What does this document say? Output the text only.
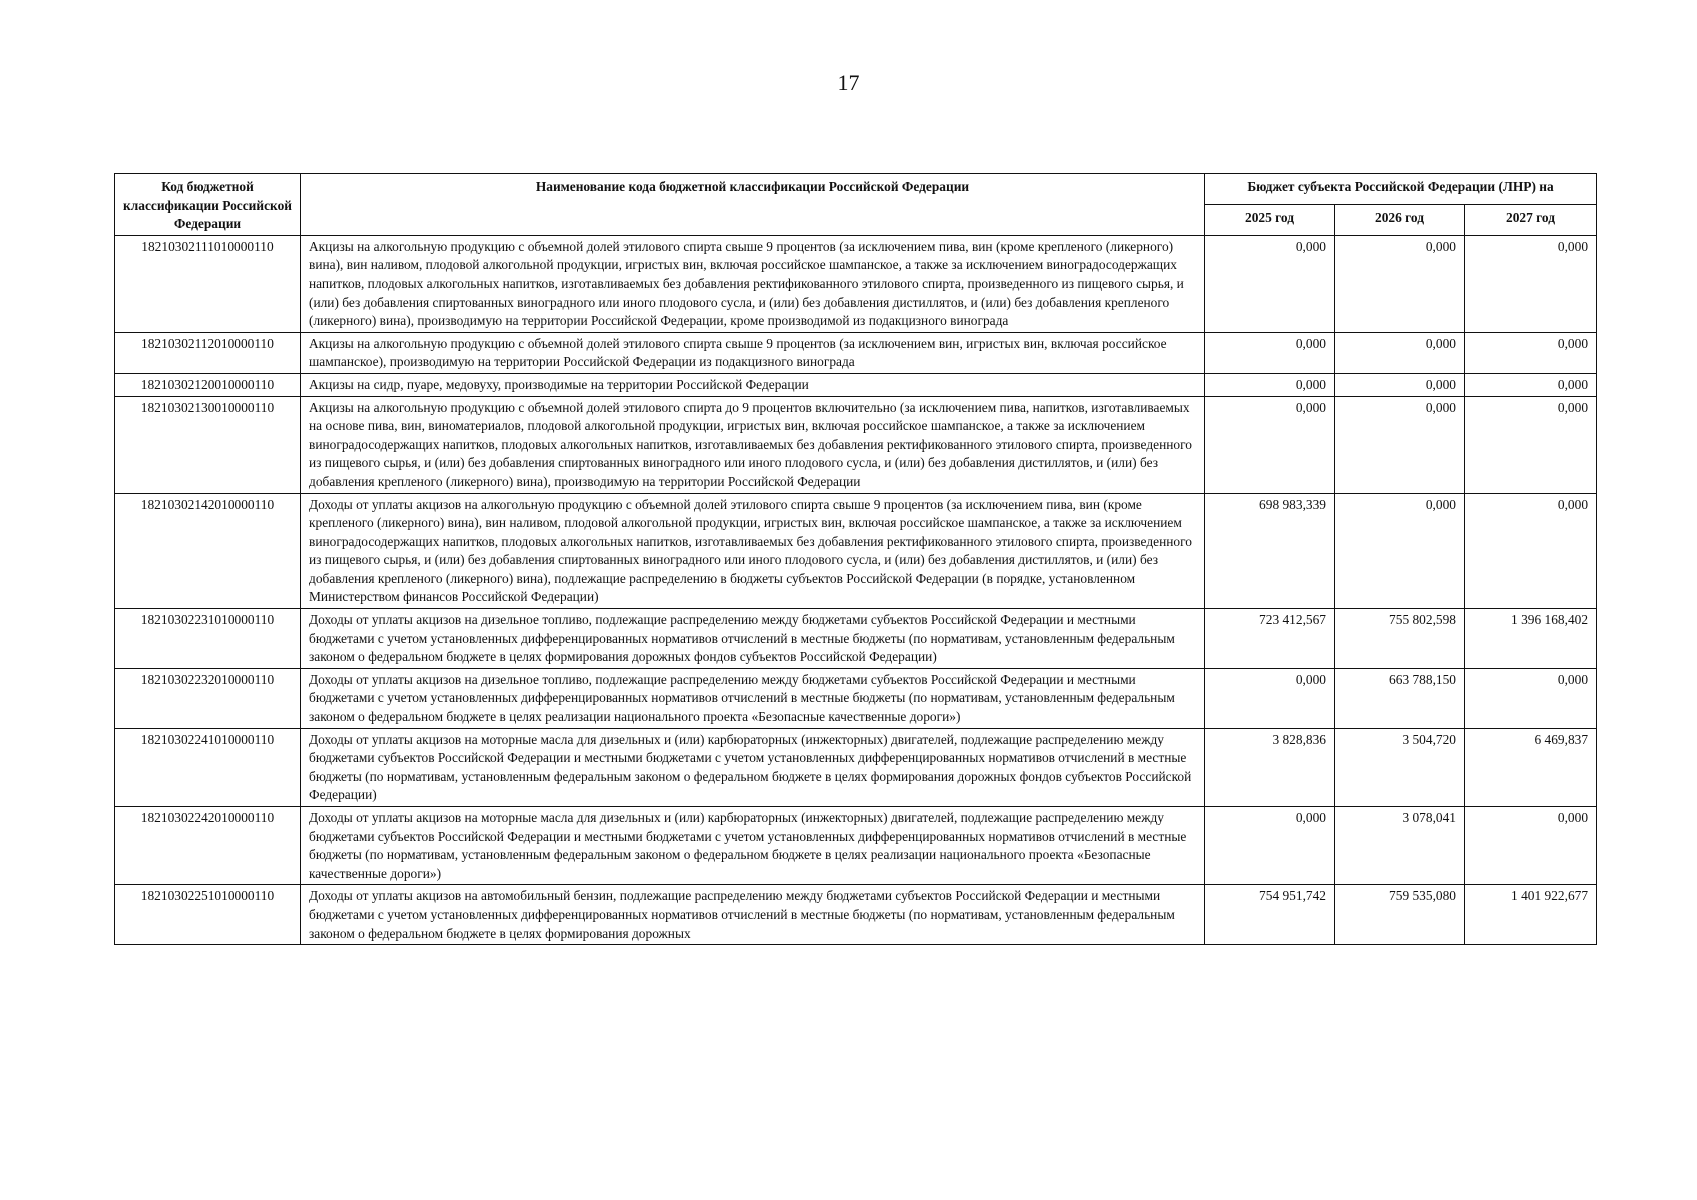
17
Код бюджетной классификации Российской Федерации	Наименование кода бюджетной классификации Российской Федерации	Бюджет субъекта Российской Федерации (ЛНР) на		
		2025 год	2026 год	2027 год
18210302111010000110	Акцизы на алкогольную продукцию с объемной долей этилового спирта свыше 9 процентов (за исключением пива, вин (кроме крепленого (ликерного) вина), вин наливом, плодовой алкогольной продукции, игристых вин, включая российское шампанское, а также за исключением виноградосодержащих напитков, плодовых алкогольных напитков, изготавливаемых без добавления ректификованного этилового спирта, произведенного из пищевого сырья, и (или) без добавления спиртованных виноградного или иного плодового сусла, и (или) без добавления дистиллятов, и (или) без добавления крепленого (ликерного) вина), производимую на территории Российской Федерации, кроме производимой из подакцизного винограда	0,000	0,000	0,000
18210302112010000110	Акцизы на алкогольную продукцию с объемной долей этилового спирта свыше 9 процентов (за исключением вин, игристых вин, включая российское шампанское), производимую на территории Российской Федерации из подакцизного винограда	0,000	0,000	0,000
18210302120010000110	Акцизы на сидр, пуаре, медовуху, производимые на территории Российской Федерации	0,000	0,000	0,000
18210302130010000110	Акцизы на алкогольную продукцию с объемной долей этилового спирта до 9 процентов включительно (за исключением пива, напитков, изготавливаемых на основе пива, вин, виноматериалов, плодовой алкогольной продукции, игристых вин, включая российское шампанское, а также за исключением виноградосодержащих напитков, плодовых алкогольных напитков, изготавливаемых без добавления ректификованного этилового спирта, произведенного из пищевого сырья, и (или) без добавления спиртованных виноградного или иного плодового сусла, и (или) без добавления дистиллятов, и (или) без добавления крепленого (ликерного) вина), производимую на территории Российской Федерации	0,000	0,000	0,000
18210302142010000110	Доходы от уплаты акцизов на алкогольную продукцию с объемной долей этилового спирта свыше 9 процентов (за исключением пива, вин (кроме крепленого (ликерного) вина), вин наливом, плодовой алкогольной продукции, игристых вин, включая российское шампанское, а также за исключением виноградосодержащих напитков, плодовых алкогольных напитков, изготавливаемых без добавления ректификованного этилового спирта, произведенного из пищевого сырья, и (или) без добавления спиртованных виноградного или иного плодового сусла, и (или) без добавления дистиллятов, и (или) без добавления крепленого (ликерного) вина), подлежащие распределению в бюджеты субъектов Российской Федерации (в порядке, установленном Министерством финансов Российской Федерации)	698 983,339	0,000	0,000
18210302231010000110	Доходы от уплаты акцизов на дизельное топливо, подлежащие распределению между бюджетами субъектов Российской Федерации и местными бюджетами с учетом установленных дифференцированных нормативов отчислений в местные бюджеты (по нормативам, установленным федеральным законом о федеральном бюджете в целях формирования дорожных фондов субъектов Российской Федерации)	723 412,567	755 802,598	1 396 168,402
18210302232010000110	Доходы от уплаты акцизов на дизельное топливо, подлежащие распределению между бюджетами субъектов Российской Федерации и местными бюджетами с учетом установленных дифференцированных нормативов отчислений в местные бюджеты (по нормативам, установленным федеральным законом о федеральном бюджете в целях реализации национального проекта «Безопасные качественные дороги»)	0,000	663 788,150	0,000
18210302241010000110	Доходы от уплаты акцизов на моторные масла для дизельных и (или) карбюраторных (инжекторных) двигателей, подлежащие распределению между бюджетами субъектов Российской Федерации и местными бюджетами с учетом установленных дифференцированных нормативов отчислений в местные бюджеты (по нормативам, установленным федеральным законом о федеральном бюджете в целях формирования дорожных фондов субъектов Российской Федерации)	3 828,836	3 504,720	6 469,837
18210302242010000110	Доходы от уплаты акцизов на моторные масла для дизельных и (или) карбюраторных (инжекторных) двигателей, подлежащие распределению между бюджетами субъектов Российской Федерации и местными бюджетами с учетом установленных дифференцированных нормативов отчислений в местные бюджеты (по нормативам, установленным федеральным законом о федеральном бюджете в целях реализации национального проекта «Безопасные качественные дороги»)	0,000	3 078,041	0,000
18210302251010000110	Доходы от уплаты акцизов на автомобильный бензин, подлежащие распределению между бюджетами субъектов Российской Федерации и местными бюджетами с учетом установленных дифференцированных нормативов отчислений в местные бюджеты (по нормативам, установленным федеральным законом о федеральном бюджете в целях формирования дорожных	754 951,742	759 535,080	1 401 922,677
